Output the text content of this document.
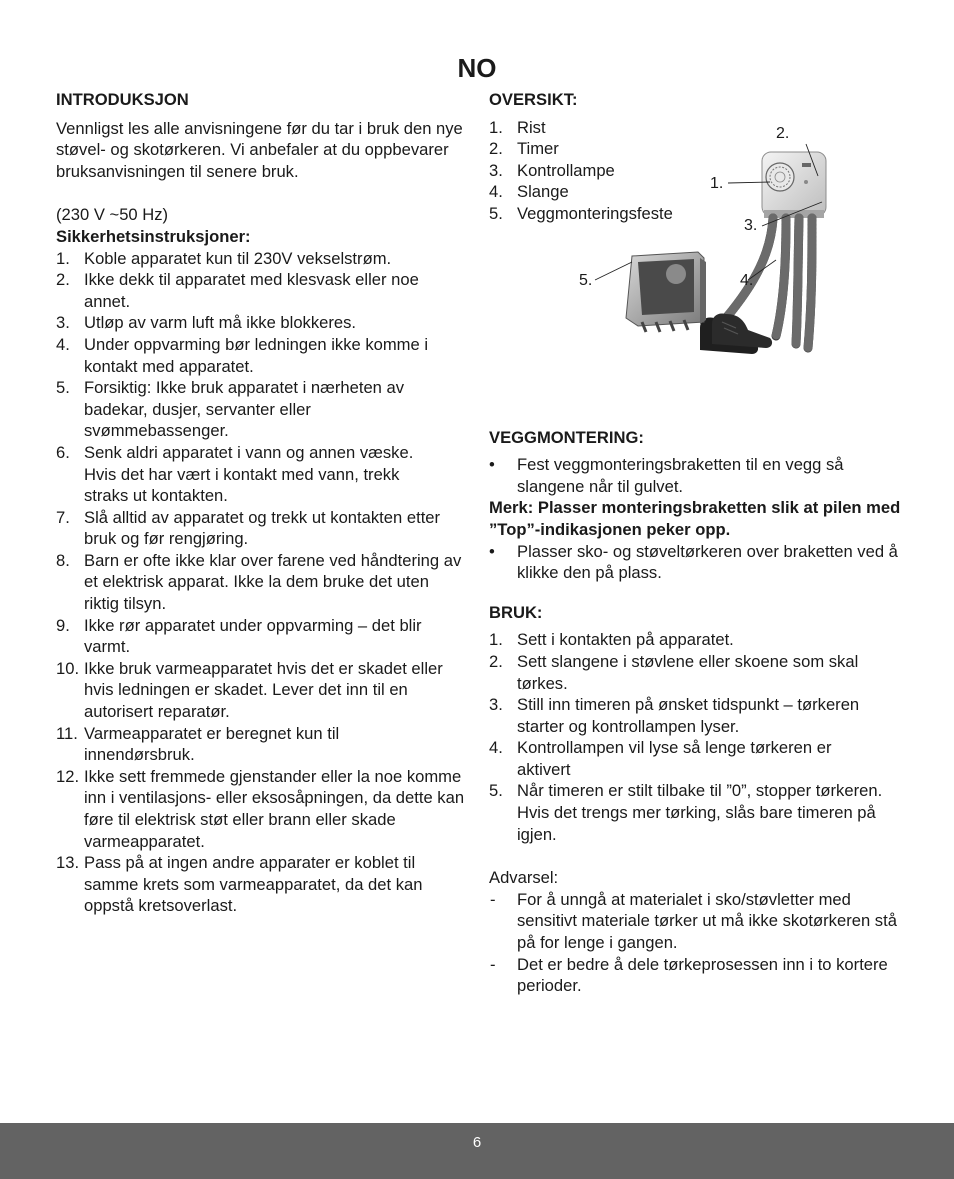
NO
INTRODUKSJON

Vennligst les alle anvisningene før du tar i bruk den nye støvel- og skotørkeren. Vi anbefaler at du oppbevarer bruksanvisningen til senere bruk.

(230 V ~50 Hz)

Sikkerhetsinstruksjoner:

1. Koble apparatet kun til 230V vekselstrøm.
2. Ikke dekk til apparatet med klesvask eller noe annet.
3. Utløp av varm luft må ikke blokkeres.
4. Under oppvarming bør ledningen ikke komme i kontakt med apparatet.
5. Forsiktig: Ikke bruk apparatet i nærheten av badekar, dusjer, servanter eller svømmebassenger.
6. Senk aldri apparatet i vann og annen væske. Hvis det har vært i kontakt med vann, trekk straks ut kontakten.
7. Slå alltid av apparatet og trekk ut kontakten etter bruk og før rengjøring.
8. Barn er ofte ikke klar over farene ved håndtering av et elektrisk apparat. Ikke la dem bruke det uten riktig tilsyn.
9. Ikke rør apparatet under oppvarming – det blir varmt.
10. Ikke bruk varmeapparatet hvis det er skadet eller hvis ledningen er skadet. Lever det inn til en autorisert reparatør.
11. Varmeapparatet er beregnet kun til innendørsbruk.
12. Ikke sett fremmede gjenstander eller la noe komme inn i ventilasjons- eller eksosåpningen, da dette kan føre til elektrisk støt eller brann eller skade varmeapparatet.
13. Pass på at ingen andre apparater er koblet til samme krets som varmeapparatet, da det kan oppstå kretsoverlast.
OVERSIKT:
1. Rist
2. Timer
3. Kontrollampe
4. Slange
5. Veggmonteringsfeste
VEGGMONTERING:
• Fest veggmonteringsbraketten til en vegg så slangene når til gulvet.

Merk: Plasser monteringsbraketten slik at pilen med ”Top”-indikasjonen peker opp.

• Plasser sko- og støveltørkeren over braketten ved å klikke den på plass.
BRUK:
1. Sett i kontakten på apparatet.
2. Sett slangene i støvlene eller skoene som skal tørkes.
3. Still inn timeren på ønsket tidspunkt – tørkeren starter og kontrollampen lyser.
4. Kontrollampen vil lyse så lenge tørkeren er aktivert
5. Når timeren er stilt tilbake til ”0”, stopper tørkeren. Hvis det trengs mer tørking, slås bare timeren på igjen.

Advarsel:

- For å unngå at materialet i sko/støvletter med sensitivt materiale tørker ut må ikke skotørkeren stå på for lenge i gangen.
- Det er bedre å dele tørkeprosessen inn i to kortere perioder.
1.
2.
3.
4.
5.
6
